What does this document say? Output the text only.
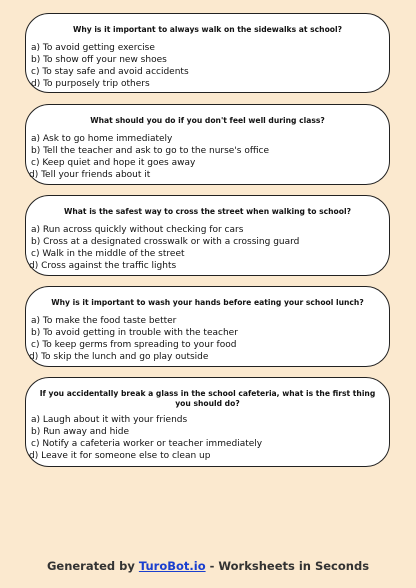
Why is it important to always walk on the sidewalks at school?
a) To avoid getting exercise
b) To show off your new shoes
c) To stay safe and avoid accidents
d) To purposely trip others
What should you do if you don't feel well during class?
a) Ask to go home immediately
b) Tell the teacher and ask to go to the nurse's office
c) Keep quiet and hope it goes away
d) Tell your friends about it
What is the safest way to cross the street when walking to school?
a) Run across quickly without checking for cars
b) Cross at a designated crosswalk or with a crossing guard
c) Walk in the middle of the street
d) Cross against the traffic lights
Why is it important to wash your hands before eating your school lunch?
a) To make the food taste better
b) To avoid getting in trouble with the teacher
c) To keep germs from spreading to your food
d) To skip the lunch and go play outside
If you accidentally break a glass in the school cafeteria, what is the first thing you should do?
a) Laugh about it with your friends
b) Run away and hide
c) Notify a cafeteria worker or teacher immediately
d) Leave it for someone else to clean up
Generated by TuroBot.io - Worksheets in Seconds
